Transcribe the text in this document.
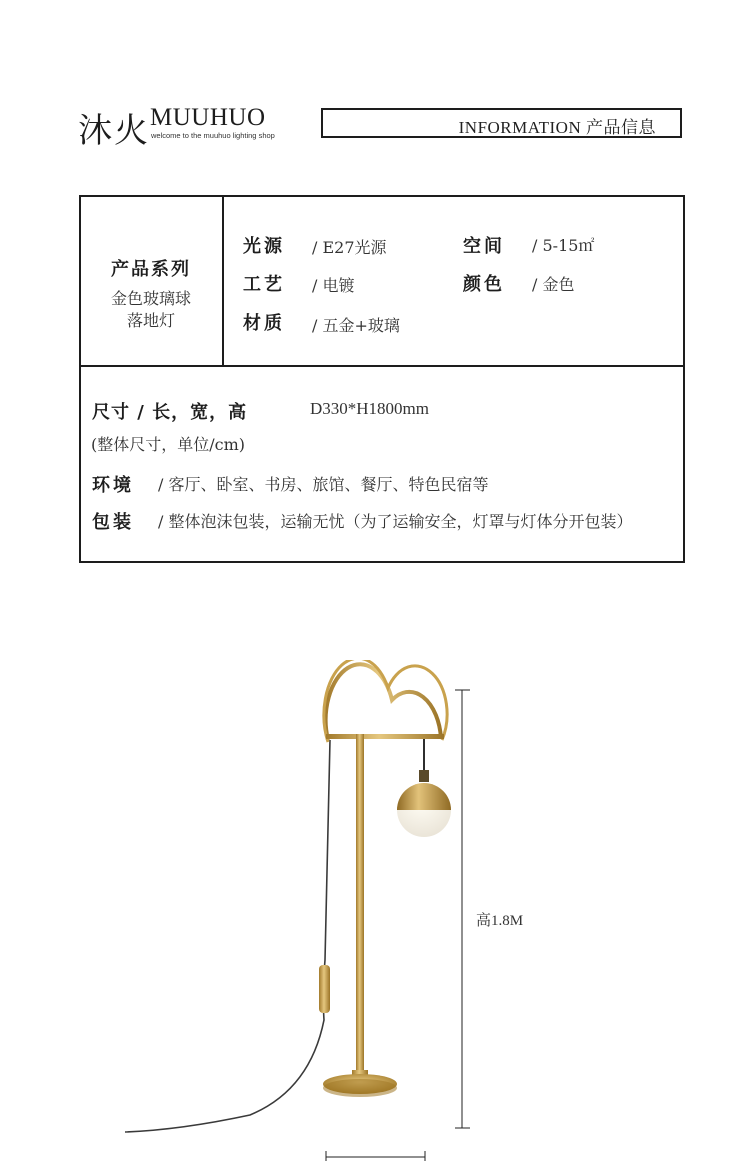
沐火 MUUHUO
welcome to the muuhuo lighting shop	INFORMATION 产品信息
产品系列
金色玻璃球
落地灯
光源 / E27光源	空间 / 5-15㎡
工艺 / 电镀	颜色 / 金色
材质 / 五金+玻璃
尺寸 / 长，宽，高	D330*H1800mm
(整体尺寸，单位/cm)
环境 / 客厅、卧室、书房、旅馆、餐厅、特色民宿等
包装 / 整体泡沫包装，运输无忧（为了运输安全，灯罩与灯体分开包装）
高1.8M
